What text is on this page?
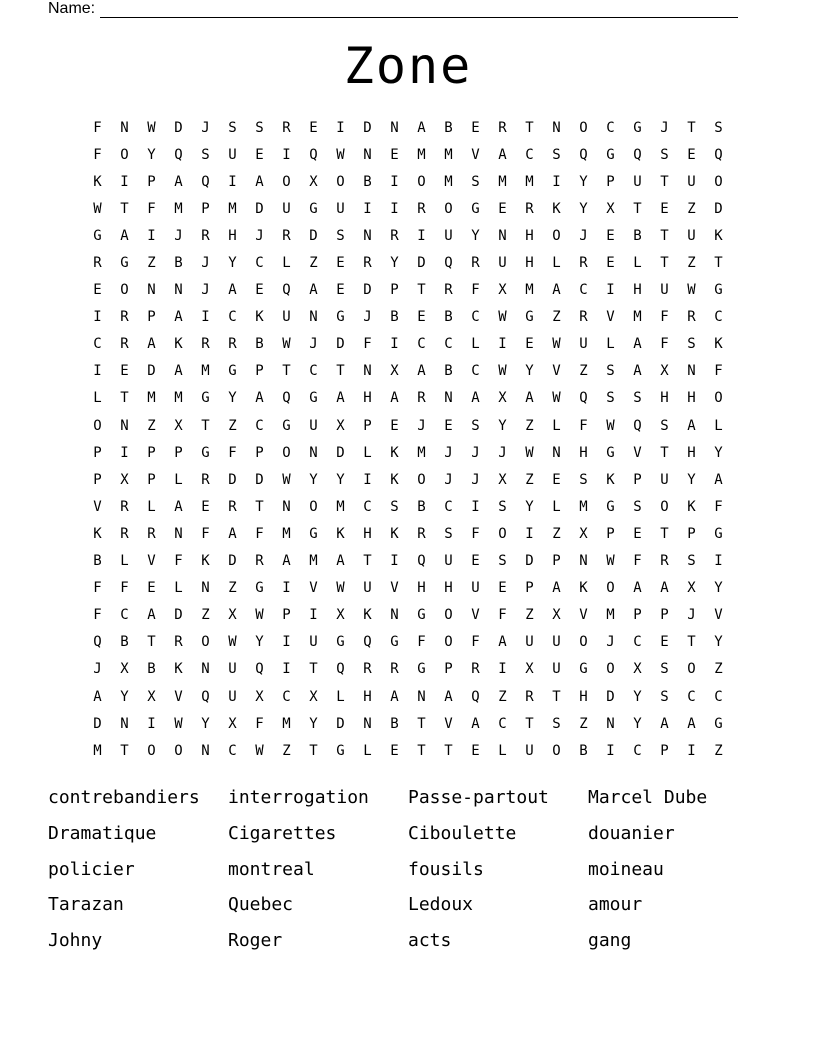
Name:
Zone
F	N	W	D	J	S	S	R	E	I	D	N	A	B	E	R	T	N	O	C	G	J	T	S
F	O	Y	Q	S	U	E	I	Q	W	N	E	M	M	V	A	C	S	Q	G	Q	S	E	Q
K	I	P	A	Q	I	A	O	X	O	B	I	O	M	S	M	M	I	Y	P	U	T	U	O
W	T	F	M	P	M	D	U	G	U	I	I	R	O	G	E	R	K	Y	X	T	E	Z	D
G	A	I	J	R	H	J	R	D	S	N	R	I	U	Y	N	H	O	J	E	B	T	U	K
R	G	Z	B	J	Y	C	L	Z	E	R	Y	D	Q	R	U	H	L	R	E	L	T	Z	T
E	O	N	N	J	A	E	Q	A	E	D	P	T	R	F	X	M	A	C	I	H	U	W	G
I	R	P	A	I	C	K	U	N	G	J	B	E	B	C	W	G	Z	R	V	M	F	R	C
C	R	A	K	R	R	B	W	J	D	F	I	C	C	L	I	E	W	U	L	A	F	S	K
I	E	D	A	M	G	P	T	C	T	N	X	A	B	C	W	Y	V	Z	S	A	X	N	F
L	T	M	M	G	Y	A	Q	G	A	H	A	R	N	A	X	A	W	Q	S	S	H	H	O
O	N	Z	X	T	Z	C	G	U	X	P	E	J	E	S	Y	Z	L	F	W	Q	S	A	L
P	I	P	P	G	F	P	O	N	D	L	K	M	J	J	J	W	N	H	G	V	T	H	Y
P	X	P	L	R	D	D	W	Y	Y	I	K	O	J	J	X	Z	E	S	K	P	U	Y	A
V	R	L	A	E	R	T	N	O	M	C	S	B	C	I	S	Y	L	M	G	S	O	K	F
K	R	R	N	F	A	F	M	G	K	H	K	R	S	F	O	I	Z	X	P	E	T	P	G
B	L	V	F	K	D	R	A	M	A	T	I	Q	U	E	S	D	P	N	W	F	R	S	I
F	F	E	L	N	Z	G	I	V	W	U	V	H	H	U	E	P	A	K	O	A	A	X	Y
F	C	A	D	Z	X	W	P	I	X	K	N	G	O	V	F	Z	X	V	M	P	P	J	V
Q	B	T	R	O	W	Y	I	U	G	Q	G	F	O	F	A	U	U	O	J	C	E	T	Y
J	X	B	K	N	U	Q	I	T	Q	R	R	G	P	R	I	X	U	G	O	X	S	O	Z
A	Y	X	V	Q	U	X	C	X	L	H	A	N	A	Q	Z	R	T	H	D	Y	S	C	C
D	N	I	W	Y	X	F	M	Y	D	N	B	T	V	A	C	T	S	Z	N	Y	A	A	G
M	T	O	O	N	C	W	Z	T	G	L	E	T	T	E	L	U	O	B	I	C	P	I	Z
contrebandiers	interrogation	Passe-partout	Marcel Dube
Dramatique	Cigarettes	Ciboulette	douanier
policier	montreal	fousils	moineau
Tarazan	Quebec	Ledoux	amour
Johny	Roger	acts	gang
